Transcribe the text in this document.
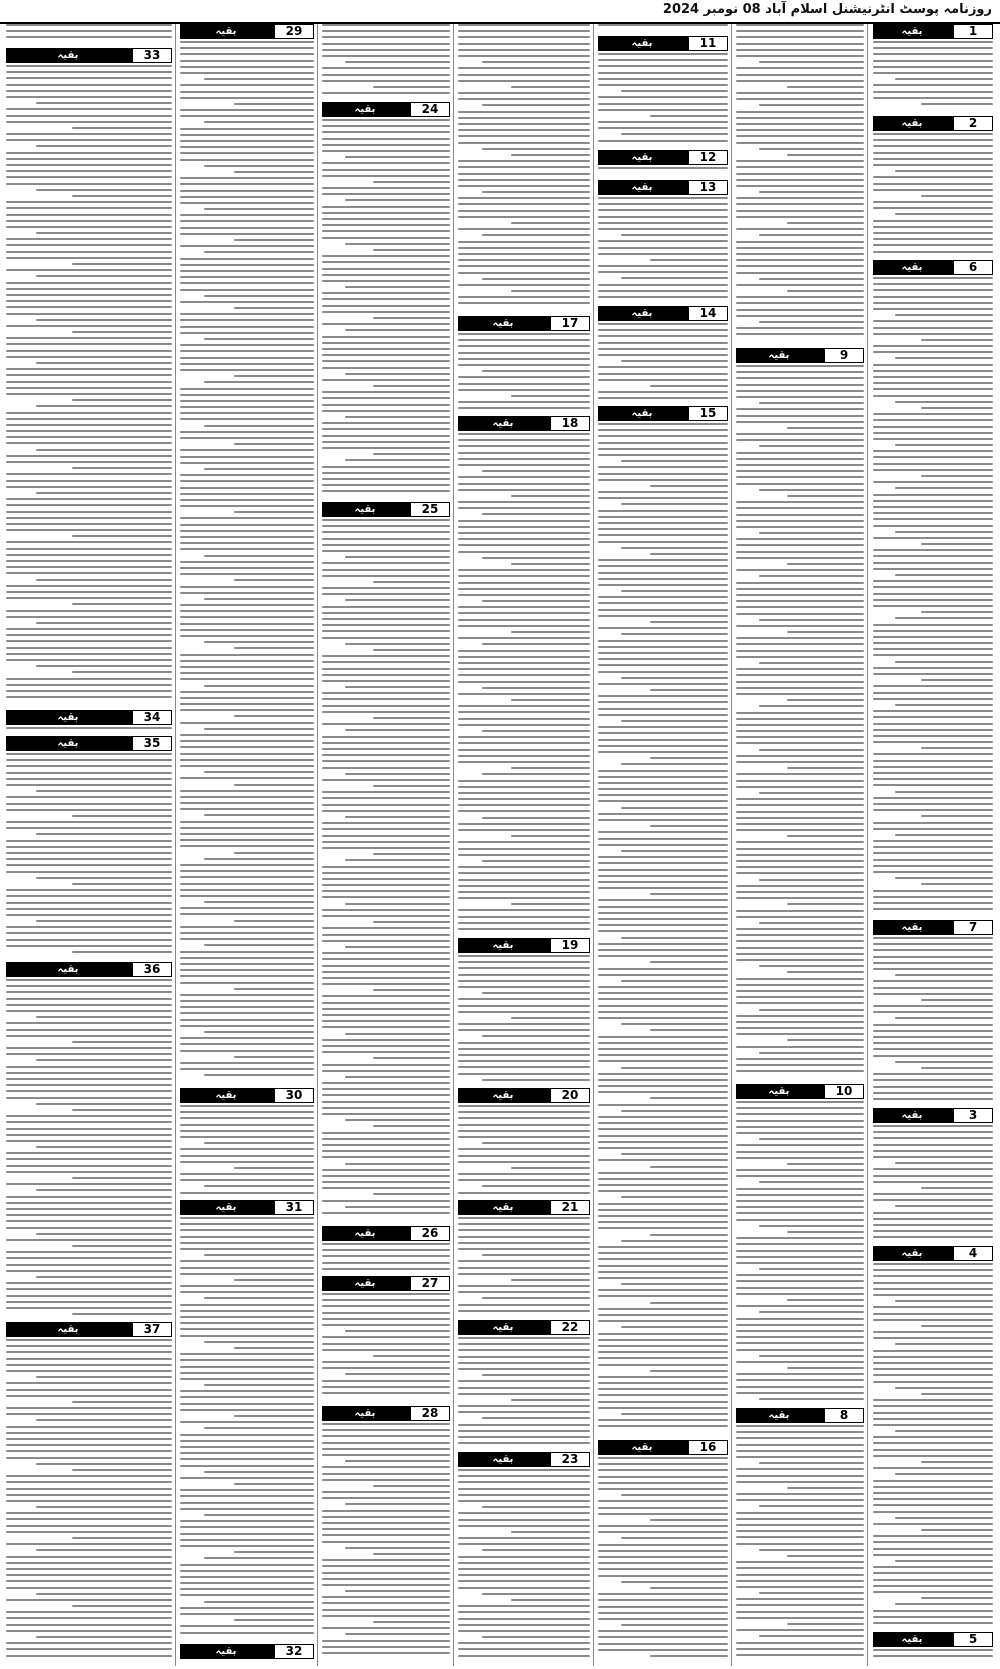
روزنامہ پوسٹ انٹرنیشنل اسلام آباد 08 نومبر 2024
1
بقیہ
2
بقیہ
6
بقیہ
7
بقیہ
3
بقیہ
4
بقیہ
5
بقیہ
9
بقیہ
10
بقیہ
8
بقیہ
11
بقیہ
12
بقیہ
13
بقیہ
14
بقیہ
15
بقیہ
16
بقیہ
17
بقیہ
18
بقیہ
19
بقیہ
20
بقیہ
21
بقیہ
22
بقیہ
23
بقیہ
24
بقیہ
25
بقیہ
26
بقیہ
27
بقیہ
28
بقیہ
29
بقیہ
30
بقیہ
31
بقیہ
32
بقیہ
33
بقیہ
34
بقیہ
35
بقیہ
36
بقیہ
37
بقیہ
